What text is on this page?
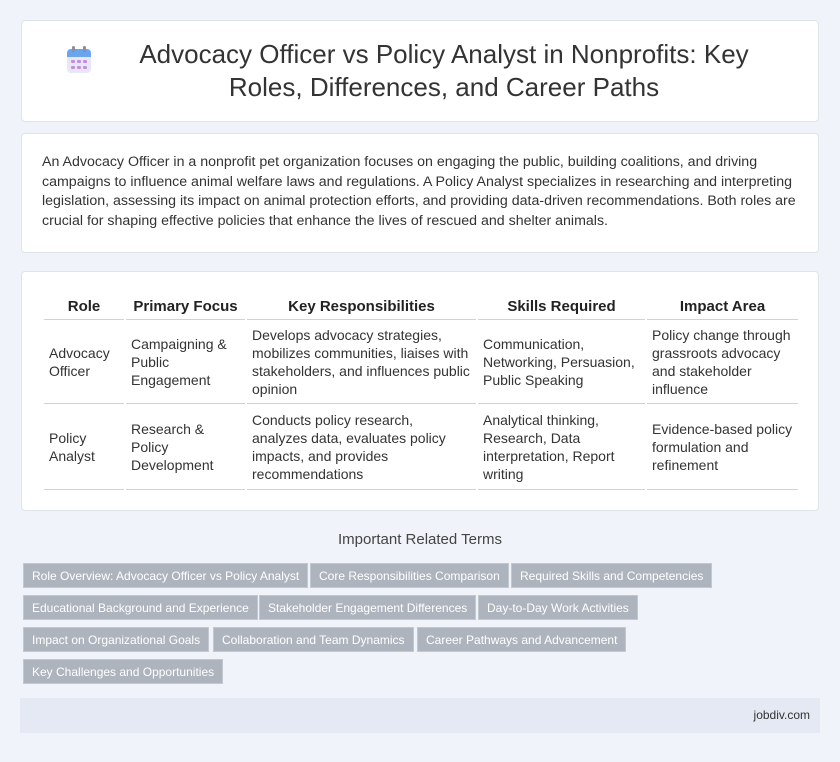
Advocacy Officer vs Policy Analyst in Nonprofits: Key Roles, Differences, and Career Paths

An Advocacy Officer in a nonprofit pet organization focuses on engaging the public, building coalitions, and driving campaigns to influence animal welfare laws and regulations. A Policy Analyst specializes in researching and interpreting legislation, assessing its impact on animal protection efforts, and providing data-driven recommendations. Both roles are crucial for shaping effective policies that enhance the lives of rescued and shelter animals.

Role	Primary Focus	Key Responsibilities	Skills Required	Impact Area
Advocacy Officer	Campaigning & Public Engagement	Develops advocacy strategies, mobilizes communities, liaises with stakeholders, and influences public opinion	Communication, Networking, Persuasion, Public Speaking	Policy change through grassroots advocacy and stakeholder influence
Policy Analyst	Research & Policy Development	Conducts policy research, analyzes data, evaluates policy impacts, and provides recommendations	Analytical thinking, Research, Data interpretation, Report writing	Evidence-based policy formulation and refinement
Important Related Terms
Role Overview: Advocacy Officer vs Policy Analyst	Core Responsibilities Comparison	Required Skills and Competencies
Educational Background and Experience	Stakeholder Engagement Differences	Day-to-Day Work Activities
Impact on Organizational Goals	Collaboration and Team Dynamics	Career Pathways and Advancement
Key Challenges and Opportunities
jobdiv.com
